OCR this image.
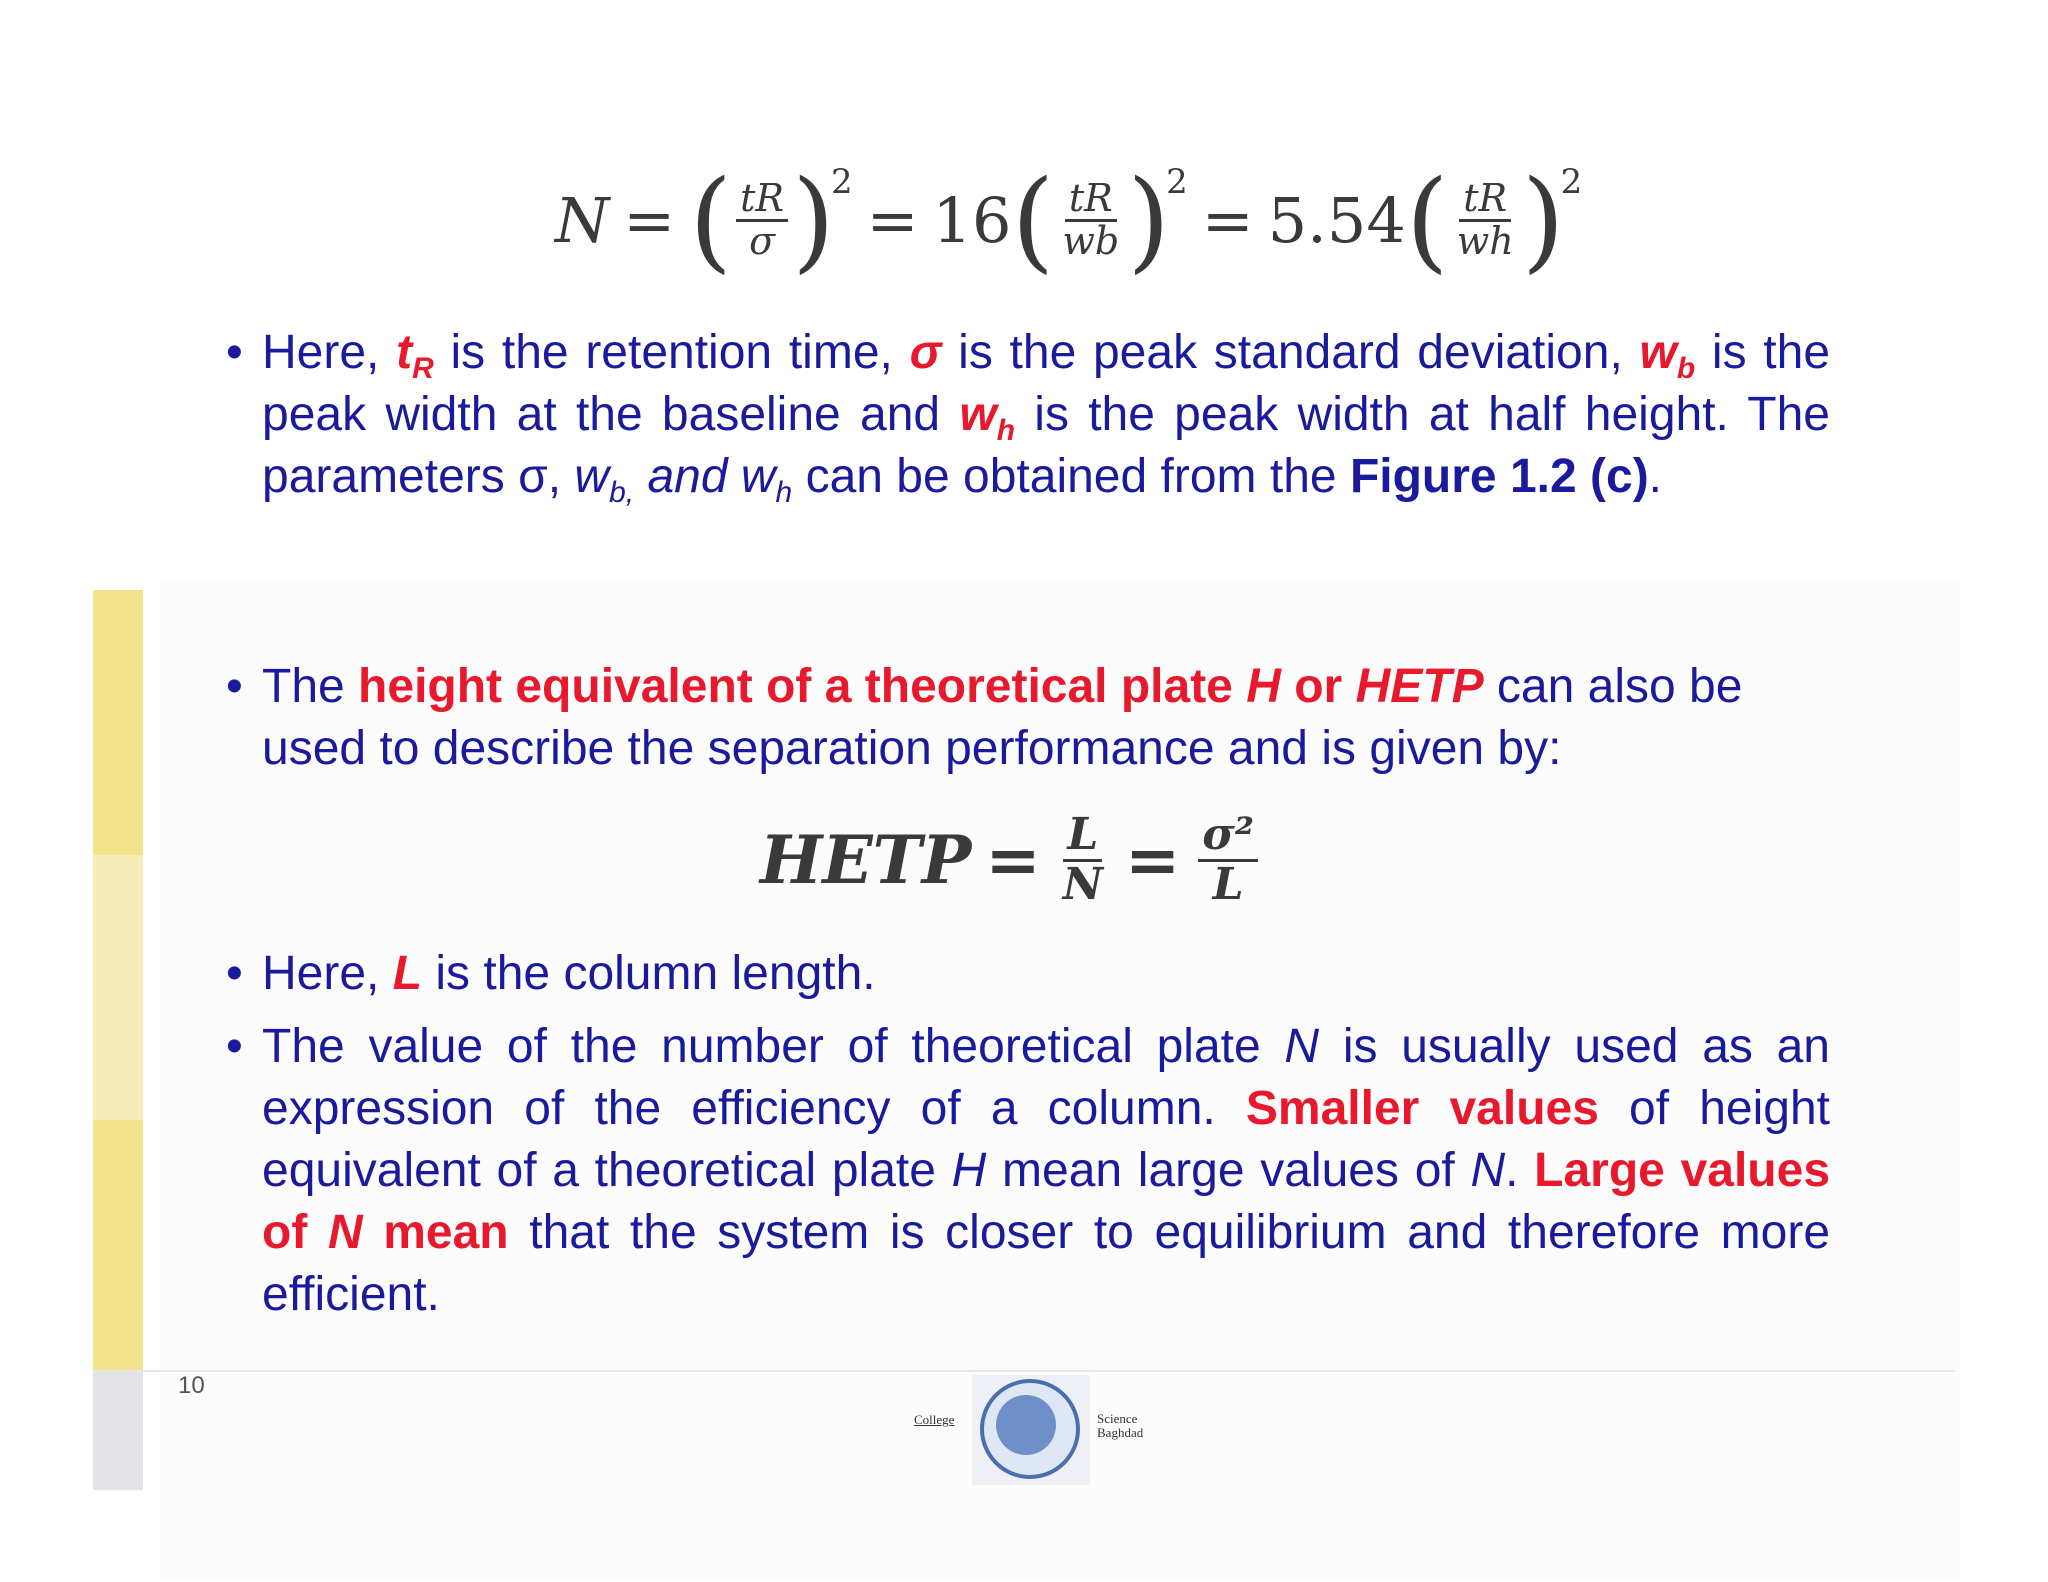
N = ( $\frac{tR}{\sigma}$ )
2
= 16 ( $\frac{tR}{wb}$ )
2
= 5.54 ( $\frac{tR}{wh}$ )
2
• Here, $t_R$ is the retention time, σ is the peak standard deviation, $w_b$ is the peak width at the baseline and $w_h$ is the peak width at half height. The parameters σ, $w_{b,}$ and $w_h$ can be obtained from the Figure 1.2 (c).

• The height equivalent of a theoretical plate H or HETP can also be used to describe the separation performance and is given by:

HETP = $\frac{L}{N} = \frac{\text{σ²}}{L}$
• Here, L is the column length.

• The value of the number of theoretical plate N is usually used as an expression of the efficiency of a column. Smaller values of height equivalent of a theoretical plate H mean large values of N. Large values of N mean that the system is closer to equilibrium and therefore more efficient.

10
College	Science
Baghdad
